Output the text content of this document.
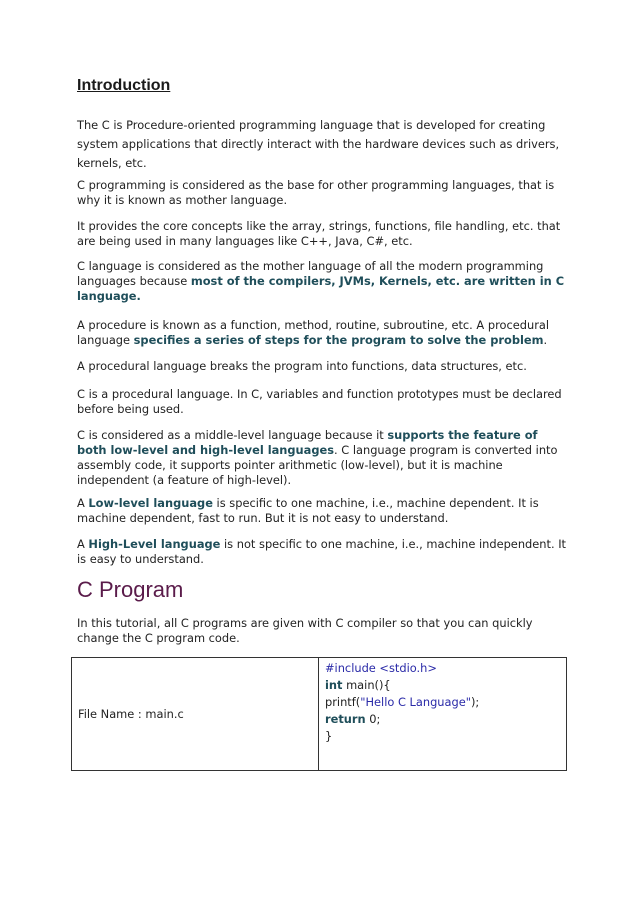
Introduction

The C is Procedure-oriented programming language that is developed for creating system applications that directly interact with the hardware devices such as drivers, kernels, etc.

C programming is considered as the base for other programming languages, that is why it is known as mother language.

It provides the core concepts like the array, strings, functions, file handling, etc. that are being used in many languages like C++, Java, C#, etc.

C language is considered as the mother language of all the modern programming languages because most of the compilers, JVMs, Kernels, etc. are written in C language.

A procedure is known as a function, method, routine, subroutine, etc. A procedural language specifies a series of steps for the program to solve the problem.

A procedural language breaks the program into functions, data structures, etc.

C is a procedural language. In C, variables and function prototypes must be declared before being used.

C is considered as a middle-level language because it supports the feature of both low-level and high-level languages. C language program is converted into assembly code, it supports pointer arithmetic (low-level), but it is machine independent (a feature of high-level).

A Low-level language is specific to one machine, i.e., machine dependent. It is machine dependent, fast to run. But it is not easy to understand.

A High-Level language is not specific to one machine, i.e., machine independent. It is easy to understand.

C Program

In this tutorial, all C programs are given with C compiler so that you can quickly change the C program code.

File Name : main.c
#include <stdio.h>
int main(){
printf("Hello C Language");
return 0;
}
